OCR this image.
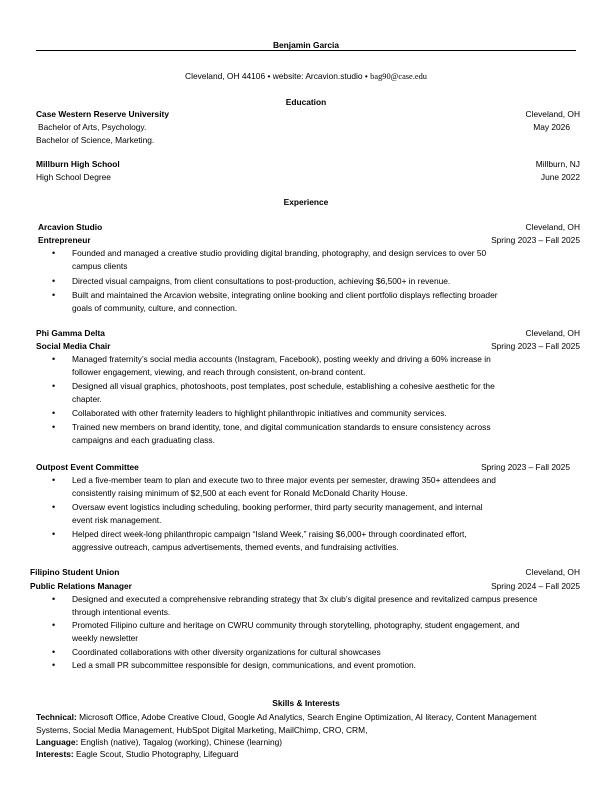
Benjamin Garcia
Cleveland, OH 44106 • website: Arcavion.studio • bag90@case.edu
Education
Case Western Reserve University	Cleveland, OH
Bachelor of Arts, Psychology.	May 2026
Bachelor of Science, Marketing.
Millburn High School	Millburn, NJ
High School Degree	June 2022
Experience
Arcavion Studio	Cleveland, OH
Entrepreneur	Spring 2023 – Fall 2025
• Founded and managed a creative studio providing digital branding, photography, and design services to over 50
campus clients
• Directed visual campaigns, from client consultations to post-production, achieving $6,500+ in revenue.
• Built and maintained the Arcavion website, integrating online booking and client portfolio displays reflecting broader
goals of community, culture, and connection.
Phi Gamma Delta	Cleveland, OH
Social Media Chair	Spring 2023 – Fall 2025
• Managed fraternity’s social media accounts (Instagram, Facebook), posting weekly and driving a 60% increase in
follower engagement, viewing, and reach through consistent, on-brand content.
• Designed all visual graphics, photoshoots, post templates, post schedule, establishing a cohesive aesthetic for the
chapter.
• Collaborated with other fraternity leaders to highlight philanthropic initiatives and community services.
• Trained new members on brand identity, tone, and digital communication standards to ensure consistency across
campaigns and each graduating class.
Outpost Event Committee	Spring 2023 – Fall 2025
• Led a five-member team to plan and execute two to three major events per semester, drawing 350+ attendees and
consistently raising minimum of $2,500 at each event for Ronald McDonald Charity House.
• Oversaw event logistics including scheduling, booking performer, third party security management, and internal
event risk management.
• Helped direct week-long philanthropic campaign “Island Week,” raising $6,000+ through coordinated effort,
aggressive outreach, campus advertisements, themed events, and fundraising activities.
Filipino Student Union	Cleveland, OH
Public Relations Manager	Spring 2024 – Fall 2025
• Designed and executed a comprehensive rebranding strategy that 3x club’s digital presence and revitalized campus presence
through intentional events.
• Promoted Filipino culture and heritage on CWRU community through storytelling, photography, student engagement, and
weekly newsletter
• Coordinated collaborations with other diversity organizations for cultural showcases
• Led a small PR subcommittee responsible for design, communications, and event promotion.
Skills & Interests
Technical: Microsoft Office, Adobe Creative Cloud, Google Ad Analytics, Search Engine Optimization, AI literacy, Content Management
Systems, Social Media Management, HubSpot Digital Marketing, MailChimp, CRO, CRM,
Language: English (native), Tagalog (working), Chinese (learning)
Interests: Eagle Scout, Studio Photography, Lifeguard
